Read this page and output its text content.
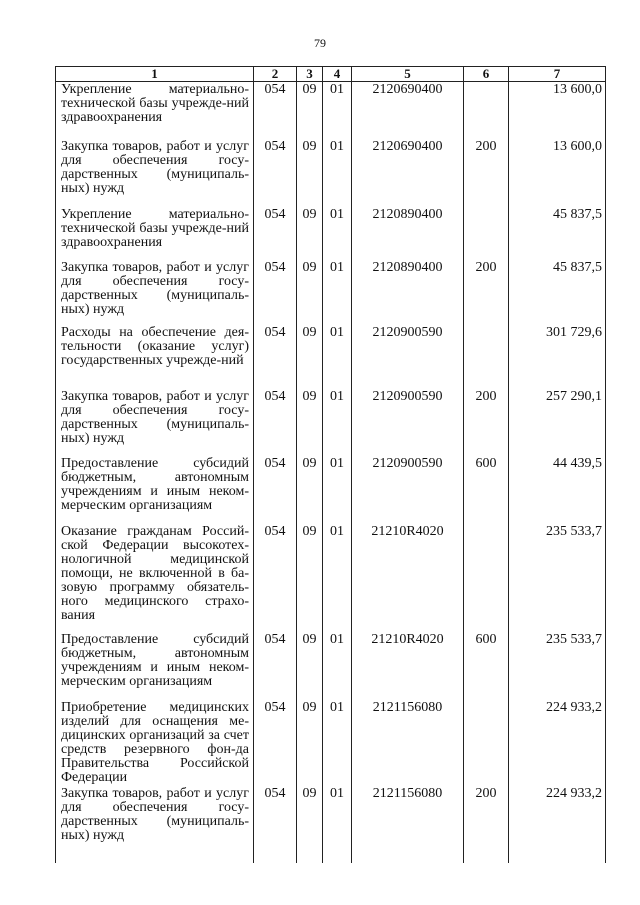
79
1	2	3	4	5	6	7
Укрепление материально-технической базы учрежде-ний здравоохранения	054	09	01	2120690400		13 600,0
Закупка товаров, работ и услуг для обеспечения госу-дарственных (муниципаль-ных) нужд	054	09	01	2120690400	200	13 600,0
Укрепление материально-технической базы учрежде-ний здравоохранения	054	09	01	2120890400		45 837,5
Закупка товаров, работ и услуг для обеспечения госу-дарственных (муниципаль-ных) нужд	054	09	01	2120890400	200	45 837,5
Расходы на обеспечение дея-тельности (оказание услуг) государственных учрежде-ний	054	09	01	2120900590		301 729,6
Закупка товаров, работ и услуг для обеспечения госу-дарственных (муниципаль-ных) нужд	054	09	01	2120900590	200	257 290,1
Предоставление субсидий бюджетным, автономным учреждениям и иным неком-мерческим организациям	054	09	01	2120900590	600	44 439,5
Оказание гражданам Россий-ской Федерации высокотех-нологичной медицинской помощи, не включенной в ба-зовую программу обязатель-ного медицинского страхо-вания	054	09	01	21210R4020		235 533,7
Предоставление субсидий бюджетным, автономным учреждениям и иным неком-мерческим организациям	054	09	01	21210R4020	600	235 533,7
Приобретение медицинских изделий для оснащения ме-дицинских организаций за счет средств резервного фон-да Правительства Российской Федерации	054	09	01	2121156080		224 933,2
Закупка товаров, работ и услуг для обеспечения госу-дарственных (муниципаль-ных) нужд	054	09	01	2121156080	200	224 933,2
